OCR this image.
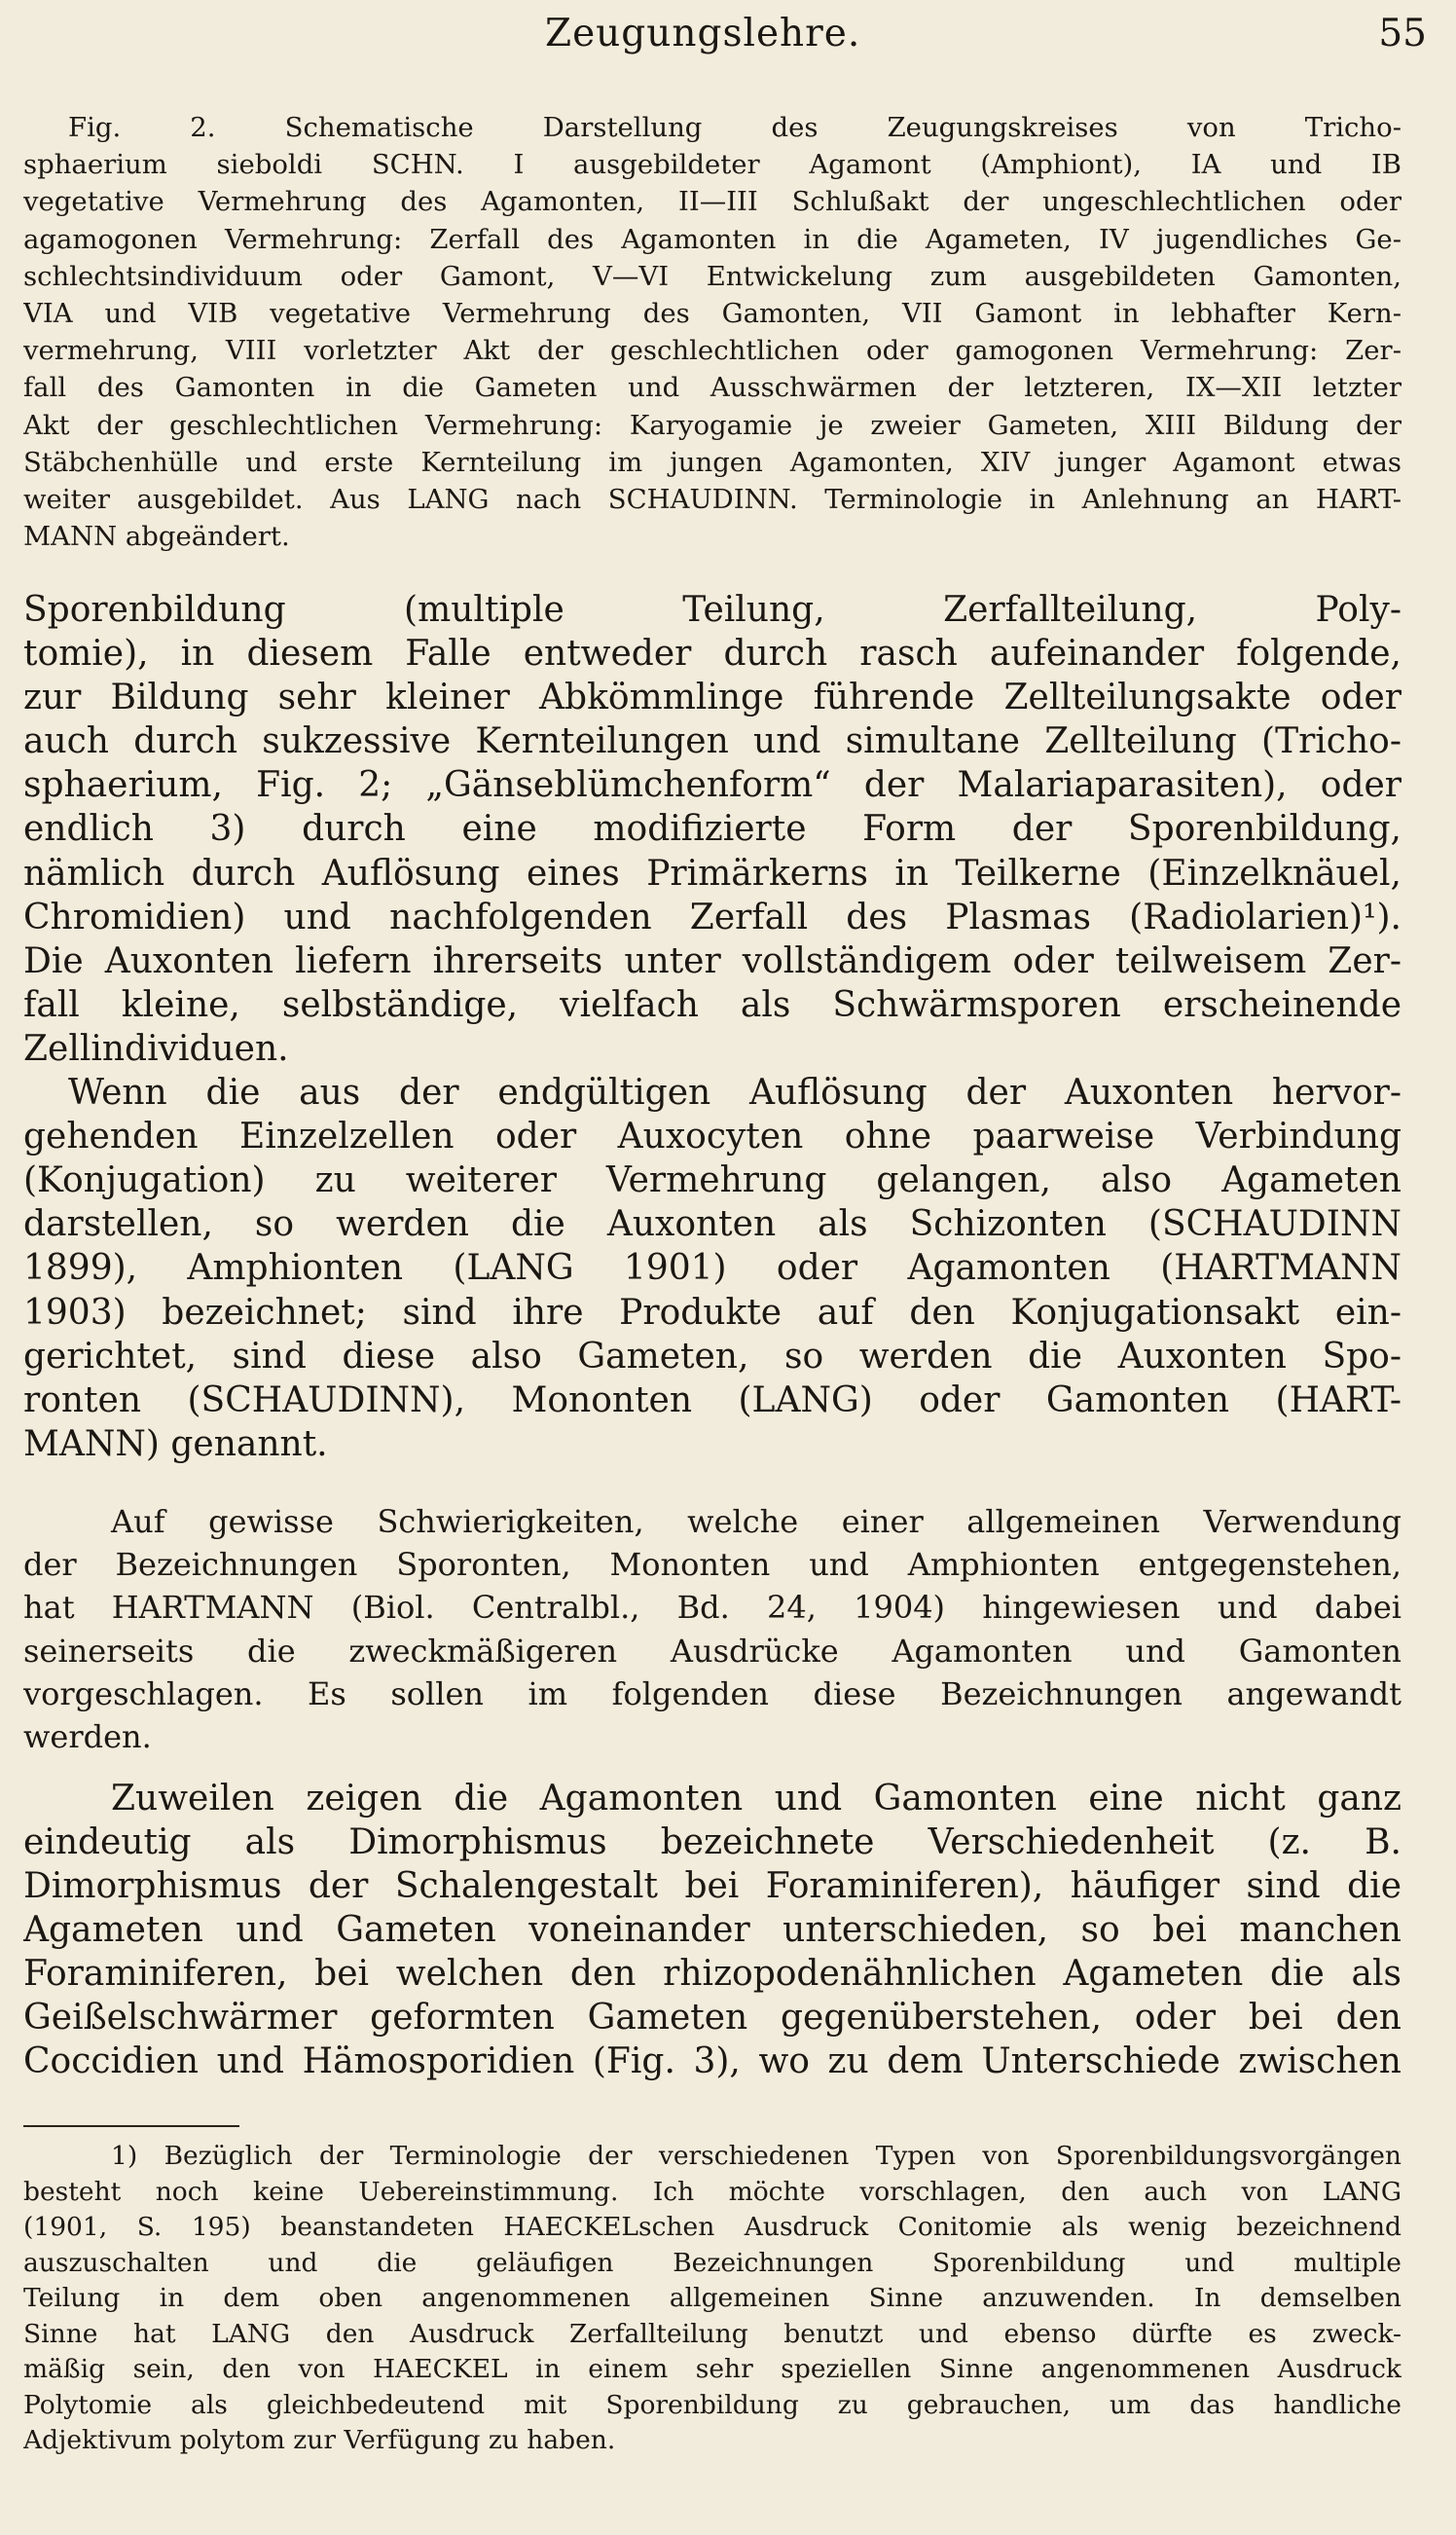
Zeugungslehre.	55
Fig. 2. Schematische Darstellung des Zeugungskreises von Tricho-
sphaerium sieboldi SCHN. I ausgebildeter Agamont (Amphiont), IA und IB
vegetative Vermehrung des Agamonten, II—III Schlußakt der ungeschlechtlichen oder
agamogonen Vermehrung: Zerfall des Agamonten in die Agameten, IV jugendliches Ge-
schlechtsindividuum oder Gamont, V—VI Entwickelung zum ausgebildeten Gamonten,
VIA und VIB vegetative Vermehrung des Gamonten, VII Gamont in lebhafter Kern-
vermehrung, VIII vorletzter Akt der geschlechtlichen oder gamogonen Vermehrung: Zer-
fall des Gamonten in die Gameten und Ausschwärmen der letzteren, IX—XII letzter
Akt der geschlechtlichen Vermehrung: Karyogamie je zweier Gameten, XIII Bildung der
Stäbchenhülle und erste Kernteilung im jungen Agamonten, XIV junger Agamont etwas
weiter ausgebildet. Aus LANG nach SCHAUDINN. Terminologie in Anlehnung an HART-
MANN abgeändert.
Sporenbildung (multiple Teilung, Zerfallteilung, Poly-
tomie), in diesem Falle entweder durch rasch aufeinander folgende,
zur Bildung sehr kleiner Abkömmlinge führende Zellteilungsakte oder
auch durch sukzessive Kernteilungen und simultane Zellteilung (Tricho-
sphaerium, Fig. 2; „Gänseblümchenform“ der Malariaparasiten), oder
endlich 3) durch eine modifizierte Form der Sporenbildung,
nämlich durch Auflösung eines Primärkerns in Teilkerne (Einzelknäuel,
Chromidien) und nachfolgenden Zerfall des Plasmas (Radiolarien)¹).
Die Auxonten liefern ihrerseits unter vollständigem oder teilweisem Zer-
fall kleine, selbständige, vielfach als Schwärmsporen erscheinende
Zellindividuen.
Wenn die aus der endgültigen Auflösung der Auxonten hervor-
gehenden Einzelzellen oder Auxocyten ohne paarweise Verbindung
(Konjugation) zu weiterer Vermehrung gelangen, also Agameten
darstellen, so werden die Auxonten als Schizonten (SCHAUDINN
1899), Amphionten (LANG 1901) oder Agamonten (HARTMANN
1903) bezeichnet; sind ihre Produkte auf den Konjugationsakt ein-
gerichtet, sind diese also Gameten, so werden die Auxonten Spo-
ronten (SCHAUDINN), Mononten (LANG) oder Gamonten (HART-
MANN) genannt.
Auf gewisse Schwierigkeiten, welche einer allgemeinen Verwendung
der Bezeichnungen Sporonten, Mononten und Amphionten entgegenstehen,
hat HARTMANN (Biol. Centralbl., Bd. 24, 1904) hingewiesen und dabei
seinerseits die zweckmäßigeren Ausdrücke Agamonten und Gamonten
vorgeschlagen. Es sollen im folgenden diese Bezeichnungen angewandt
werden.
Zuweilen zeigen die Agamonten und Gamonten eine nicht ganz
eindeutig als Dimorphismus bezeichnete Verschiedenheit (z. B.
Dimorphismus der Schalengestalt bei Foraminiferen), häufiger sind die
Agameten und Gameten voneinander unterschieden, so bei manchen
Foraminiferen, bei welchen den rhizopodenähnlichen Agameten die als
Geißelschwärmer geformten Gameten gegenüberstehen, oder bei den
Coccidien und Hämosporidien (Fig. 3), wo zu dem Unterschiede zwischen
1) Bezüglich der Terminologie der verschiedenen Typen von Sporenbildungsvorgängen
besteht noch keine Uebereinstimmung. Ich möchte vorschlagen, den auch von LANG
(1901, S. 195) beanstandeten HAECKELschen Ausdruck Conitomie als wenig bezeichnend
auszuschalten und die geläufigen Bezeichnungen Sporenbildung und multiple
Teilung in dem oben angenommenen allgemeinen Sinne anzuwenden. In demselben
Sinne hat LANG den Ausdruck Zerfallteilung benutzt und ebenso dürfte es zweck-
mäßig sein, den von HAECKEL in einem sehr speziellen Sinne angenommenen Ausdruck
Polytomie als gleichbedeutend mit Sporenbildung zu gebrauchen, um das handliche
Adjektivum polytom zur Verfügung zu haben.
